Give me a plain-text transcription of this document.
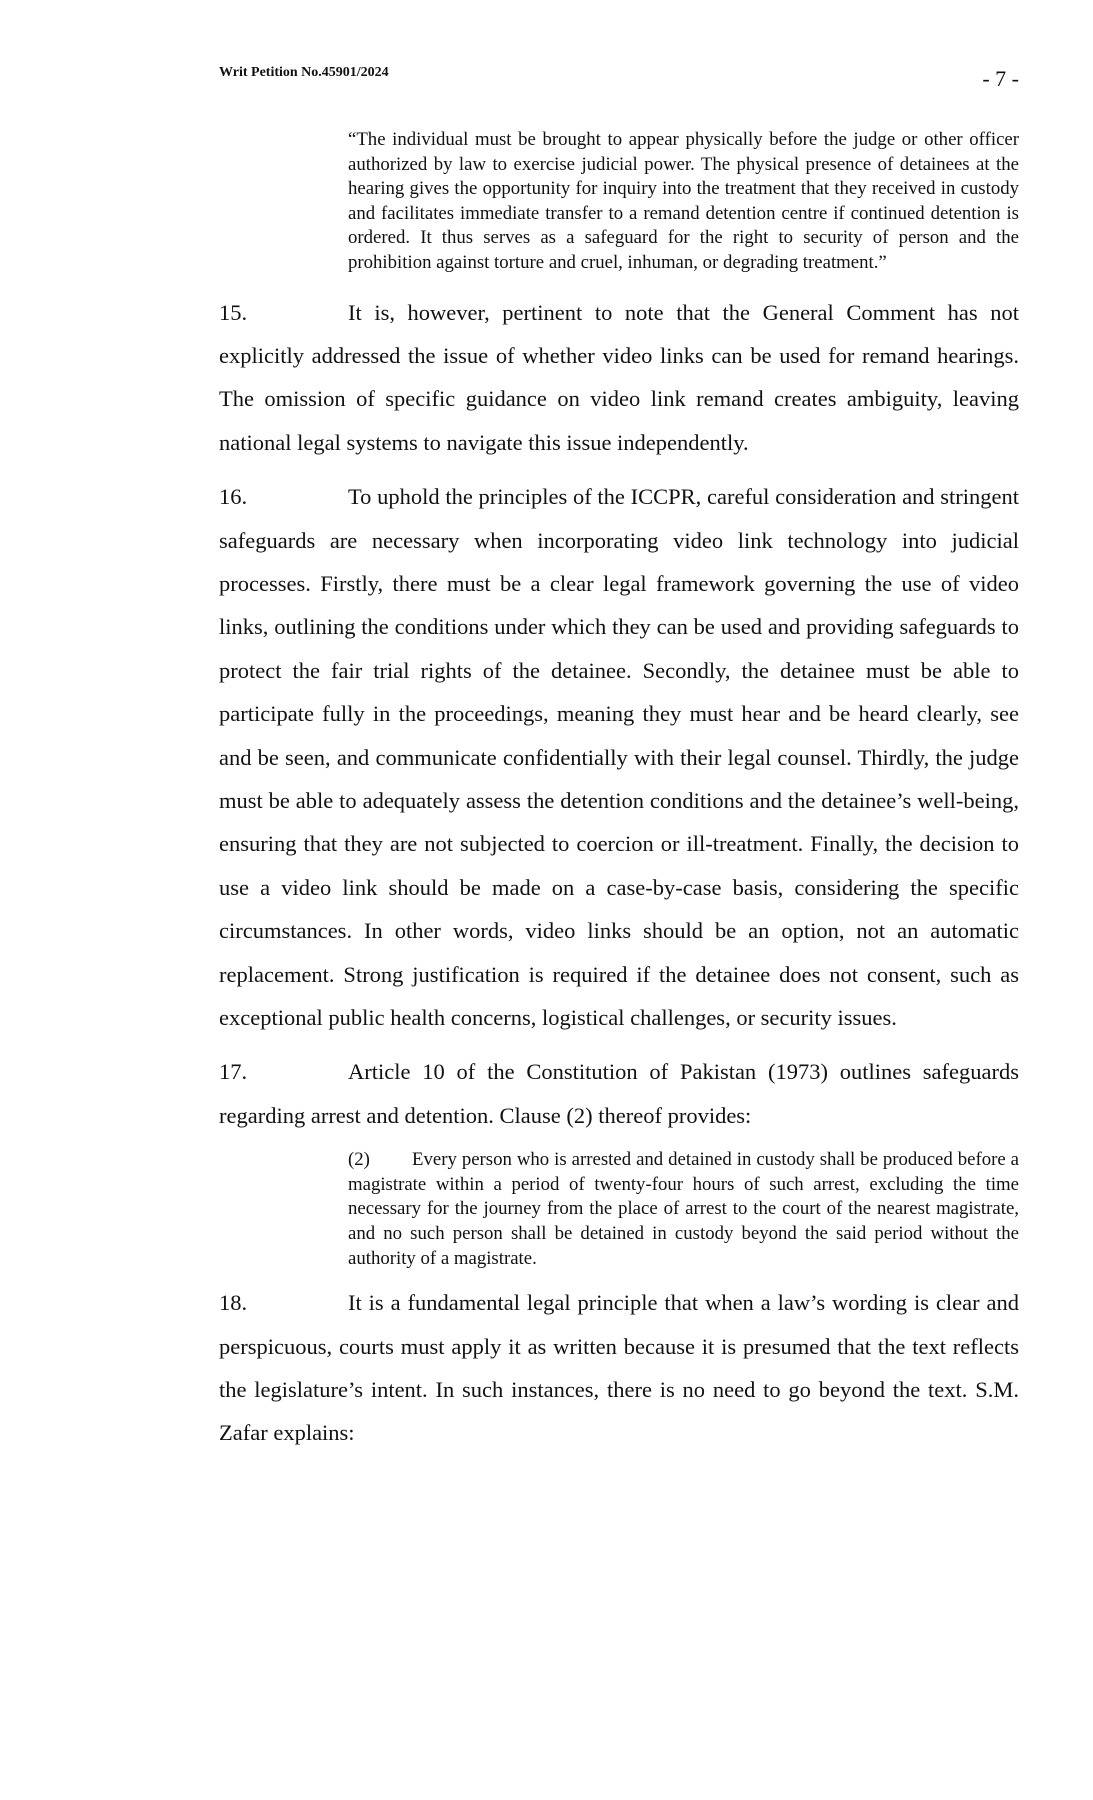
Writ Petition No.45901/2024	- 7 -
“The individual must be brought to appear physically before the judge or other officer authorized by law to exercise judicial power. The physical presence of detainees at the hearing gives the opportunity for inquiry into the treatment that they received in custody and facilitates immediate transfer to a remand detention centre if continued detention is ordered. It thus serves as a safeguard for the right to security of person and the prohibition against torture and cruel, inhuman, or degrading treatment.”
15.	It is, however, pertinent to note that the General Comment has not explicitly addressed the issue of whether video links can be used for remand hearings. The omission of specific guidance on video link remand creates ambiguity, leaving national legal systems to navigate this issue independently.
16.	To uphold the principles of the ICCPR, careful consideration and stringent safeguards are necessary when incorporating video link technology into judicial processes. Firstly, there must be a clear legal framework governing the use of video links, outlining the conditions under which they can be used and providing safeguards to protect the fair trial rights of the detainee. Secondly, the detainee must be able to participate fully in the proceedings, meaning they must hear and be heard clearly, see and be seen, and communicate confidentially with their legal counsel. Thirdly, the judge must be able to adequately assess the detention conditions and the detainee’s well-being, ensuring that they are not subjected to coercion or ill-treatment. Finally, the decision to use a video link should be made on a case-by-case basis, considering the specific circumstances. In other words, video links should be an option, not an automatic replacement. Strong justification is required if the detainee does not consent, such as exceptional public health concerns, logistical challenges, or security issues.
17.	Article 10 of the Constitution of Pakistan (1973) outlines safeguards regarding arrest and detention. Clause (2) thereof provides:
(2) Every person who is arrested and detained in custody shall be produced before a magistrate within a period of twenty-four hours of such arrest, excluding the time necessary for the journey from the place of arrest to the court of the nearest magistrate, and no such person shall be detained in custody beyond the said period without the authority of a magistrate.
18.	It is a fundamental legal principle that when a law’s wording is clear and perspicuous, courts must apply it as written because it is presumed that the text reflects the legislature’s intent. In such instances, there is no need to go beyond the text. S.M. Zafar explains:
